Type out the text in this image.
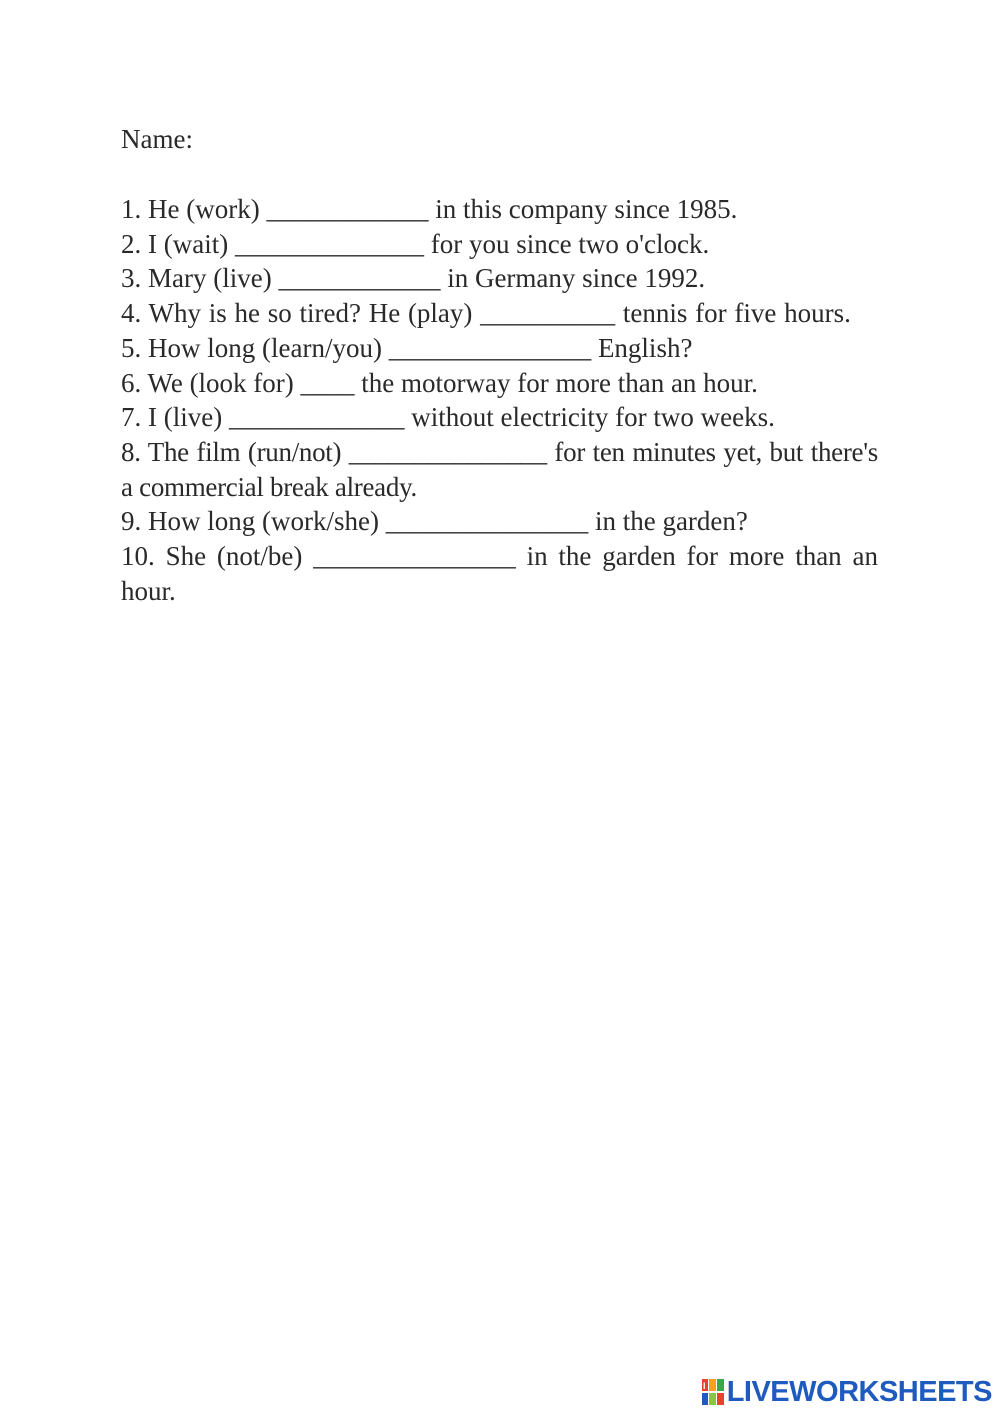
Name:
1. He (work) ____________ in this company since 1985.
2. I (wait) ______________ for you since two o'clock.
3. Mary (live) ____________ in Germany since 1992.
4. Why is he so tired? He (play) __________ tennis for five hours.
5. How long (learn/you) _______________ English?
6. We (look for) ____ the motorway for more than an hour.
7. I (live) _____________ without electricity for two weeks.
8. The film (run/not) _______________ for ten minutes yet, but there's a commercial break already.
9. How long (work/she) _______________ in the garden?
10. She (not/be) _______________ in the garden for more than an hour.
l LIVEWORKSHEETS
